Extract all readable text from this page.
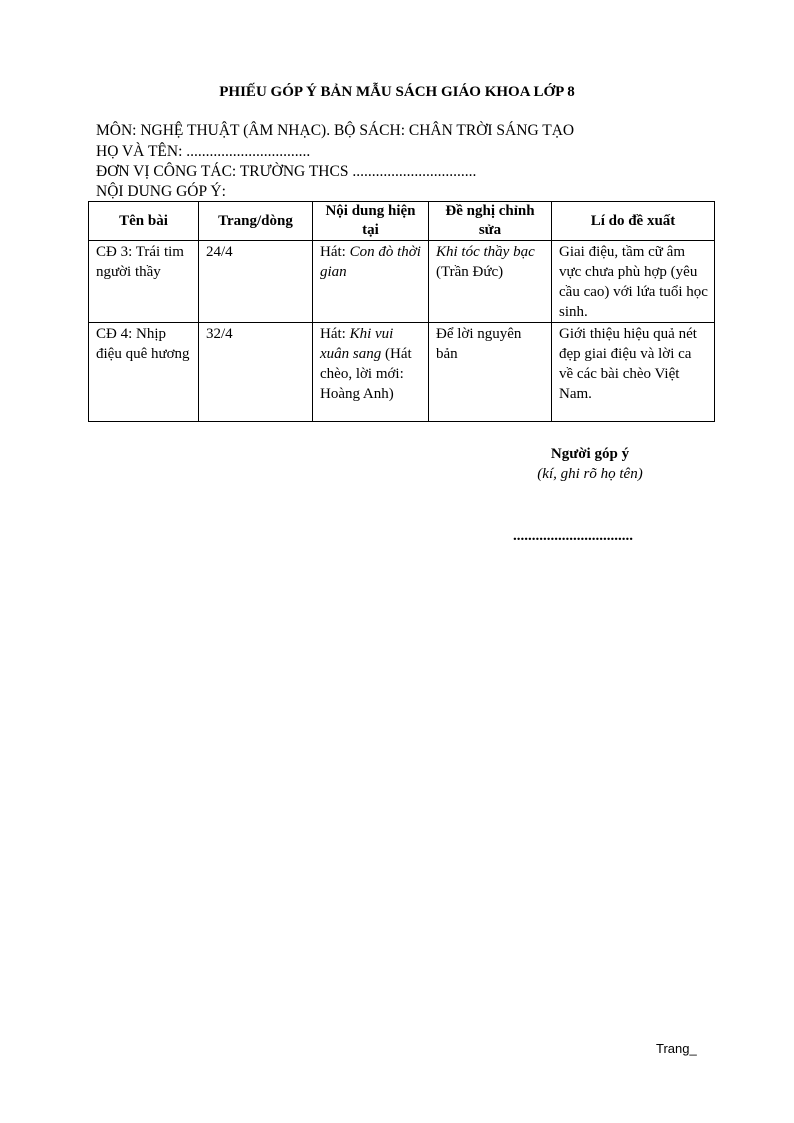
PHIẾU GÓP Ý BẢN MẪU SÁCH GIÁO KHOA LỚP 8
MÔN: NGHỆ THUẬT (ÂM NHẠC). BỘ SÁCH: CHÂN TRỜI SÁNG TẠO
HỌ VÀ TÊN: ................................
ĐƠN VỊ CÔNG TÁC: TRƯỜNG THCS ................................
NỘI DUNG GÓP Ý:
Tên bài	Trang/dòng	Nội dung hiện tại	Đề nghị chỉnh sửa	Lí do đề xuất
CĐ 3: Trái tim người thầy	24/4	Hát: Con đò thời gian	Khi tóc thầy bạc (Trần Đức)	Giai điệu, tầm cữ âm vực chưa phù hợp (yêu cầu cao) với lứa tuổi học sinh.
CĐ 4: Nhịp điệu quê hương	32/4	Hát: Khi vui xuân sang (Hát chèo, lời mới: Hoàng Anh)	Để lời nguyên bản	Giới thiệu hiệu quả nét đẹp giai điệu và lời ca về các bài chèo Việt Nam.
Người góp ý
(kí, ghi rõ họ tên)
................................
Trang_
